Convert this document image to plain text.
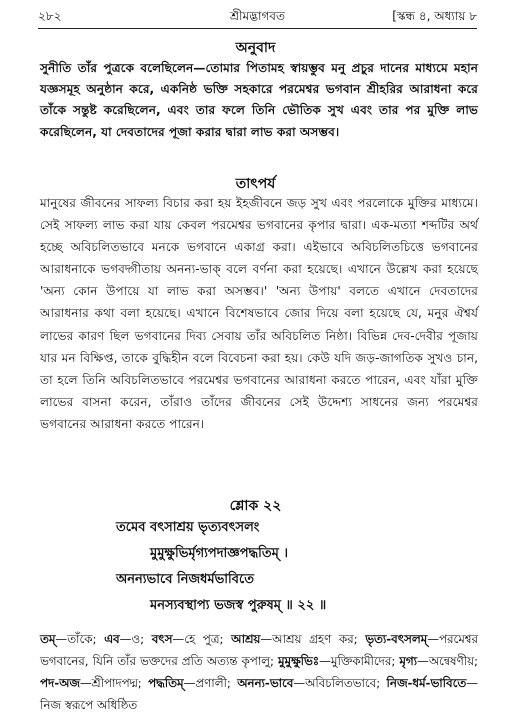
২৮২	শ্রীমদ্ভাগবত	[স্কন্ধ ৪, অধ্যায় ৮
অনুবাদ

সুনীতি তাঁর পুত্রকে বলেছিলেন—তোমার পিতামহ স্বায়ম্ভুব মনু প্রচুর দানের মাধ্যমে মহান যজ্ঞসমূহ অনুষ্ঠান করে, একনিষ্ঠ ভক্তি সহকারে পরমেশ্বর ভগবান শ্রীহরির আরাধনা করে তাঁকে সন্তুষ্ট করেছিলেন, এবং তার ফলে তিনি ভৌতিক সুখ এবং তার পর মুক্তি লাভ করেছিলেন, যা দেবতাদের পূজা করার দ্বারা লাভ করা অসম্ভব।

তাৎপর্য

মানুষের জীবনের সাফল্য বিচার করা হয় ইহজীবনে জড় সুখ এবং পরলোকে মুক্তির মাধ্যমে। সেই সাফল্য লাভ করা যায় কেবল পরমেশ্বর ভগবানের কৃপার দ্বারা। এক-মত্যা শব্দটির অর্থ হচ্ছে অবিচলিতভাবে মনকে ভগবানে একাগ্র করা। এইভাবে অবিচলিতচিত্তে ভগবানের আরাধনাকে ভগবদ্গীতায় অনন্য-ভাক্ বলে বর্ণনা করা হয়েছে। এখানে উল্লেখ করা হয়েছে 'অন্য কোন উপায়ে যা লাভ করা অসম্ভব।' 'অন্য উপায়' বলতে এখানে দেবতাদের আরাধনার কথা বলা হয়েছে। এখানে বিশেষভাবে জোর দিয়ে বলা হয়েছে যে, মনুর ঐশ্বর্য লাভের কারণ ছিল ভগবানের দিব্য সেবায় তাঁর অবিচলিত নিষ্ঠা। বিভিন্ন দেব-দেবীর পূজায় যার মন বিক্ষিপ্ত, তাকে বুদ্ধিহীন বলে বিবেচনা করা হয়। কেউ যদি জড়-জাগতিক সুখও চান, তা হলে তিনি অবিচলিতভাবে পরমেশ্বর ভগবানের আরাধনা করতে পারেন, এবং যাঁরা মুক্তি লাভের বাসনা করেন, তাঁরাও তাঁদের জীবনের সেই উদ্দেশ্য সাধনের জন্য পরমেশ্বর ভগবানের আরাধনা করতে পারেন।

শ্লোক ২২
তমেব বৎসাশ্রয় ভৃত্যবৎসলং
মুমুক্ষুভির্মৃগ্যপদাজ্ঞপদ্ধতিম্ ।
অনন্যভাবে নিজধর্মভাবিতে
মনস্যবস্থাপ্য ভজস্ব পুরুষম্ ॥ ২২ ॥

তম্—তাঁকে; এব—ও; বৎস—হে পুত্র; আশ্রয়—আশ্রয় গ্রহণ কর; ভৃত্য-বৎসলম্—পরমেশ্বর ভগবানের, যিনি তাঁর ভক্তদের প্রতি অত্যন্ত কৃপালু; মুমুক্ষুভিঃ—মুক্তিকামীদের; মৃগ্য—অন্বেষণীয়; পদ-অজ—শ্রীপাদপদ্ম; পদ্ধতিম্—প্রণালী; অনন্য-ভাবে—অবিচলিতভাবে; নিজ-ধর্ম-ভাবিতে—নিজ স্বরূপে অধিষ্ঠিত
